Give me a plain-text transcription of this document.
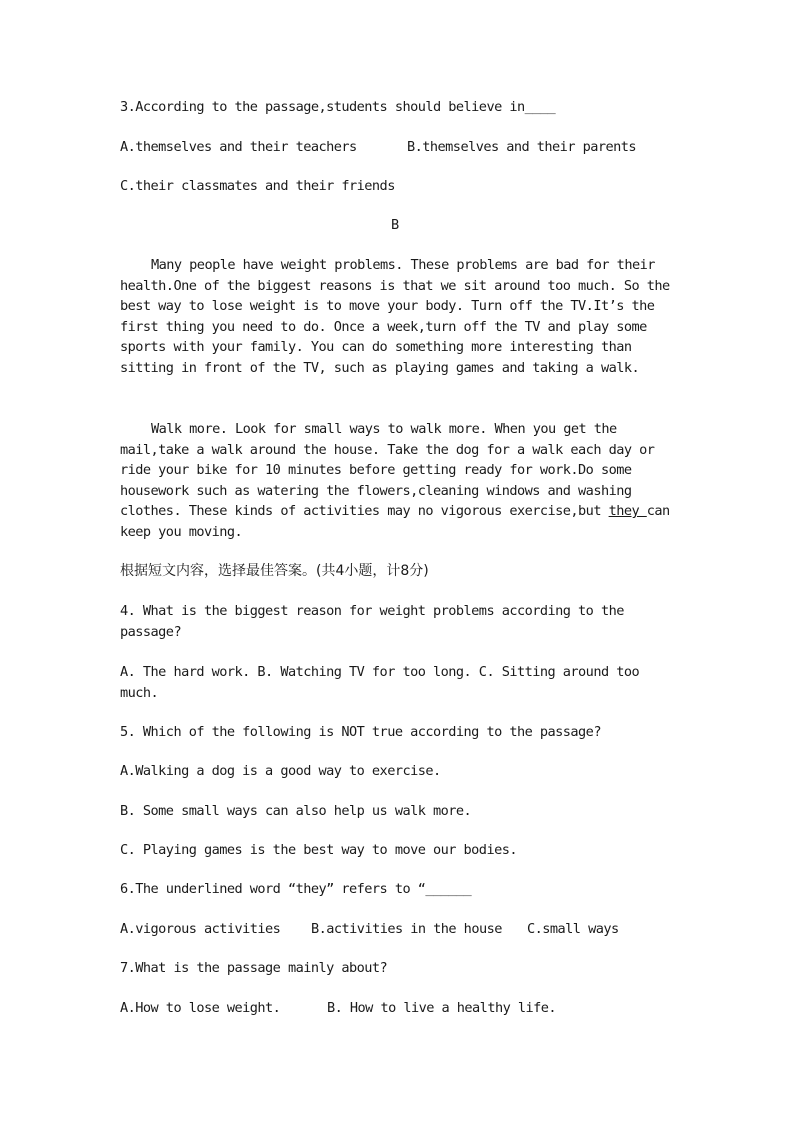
3.According to the passage,students should believe in____

A.themselves and their teachers	B.themselves and their parents

C.their classmates and their friends

B

Many people have weight problems. These problems are bad for their health.One of the biggest reasons is that we sit around too much. So the best way to lose weight is to move your body. Turn off the TV.It’s the first thing you need to do. Once a week,turn off the TV and play some sports with your family. You can do something more interesting than sitting in front of the TV, such as playing games and taking a walk.

Walk more. Look for small ways to walk more. When you get the mail,take a walk around the house. Take the dog for a walk each day or ride your bike for 10 minutes before getting ready for work.Do some housework such as watering the flowers,cleaning windows and washing clothes. These kinds of activities may no vigorous exercise,but they can keep you moving.

根据短文内容，选择最佳答案。(共4小题，计8分)

4. What is the biggest reason for weight problems according to the passage?

A. The hard work. B. Watching TV for too long. C. Sitting around too much.

5. Which of the following is NOT true according to the passage?

A.Walking a dog is a good way to exercise.

B. Some small ways can also help us walk more.

C. Playing games is the best way to move our bodies.

6.The underlined word “they” refers to “______

A.vigorous activities B.activities in the house C.small ways

7.What is the passage mainly about?

A.How to lose weight.	B. How to live a healthy life.
